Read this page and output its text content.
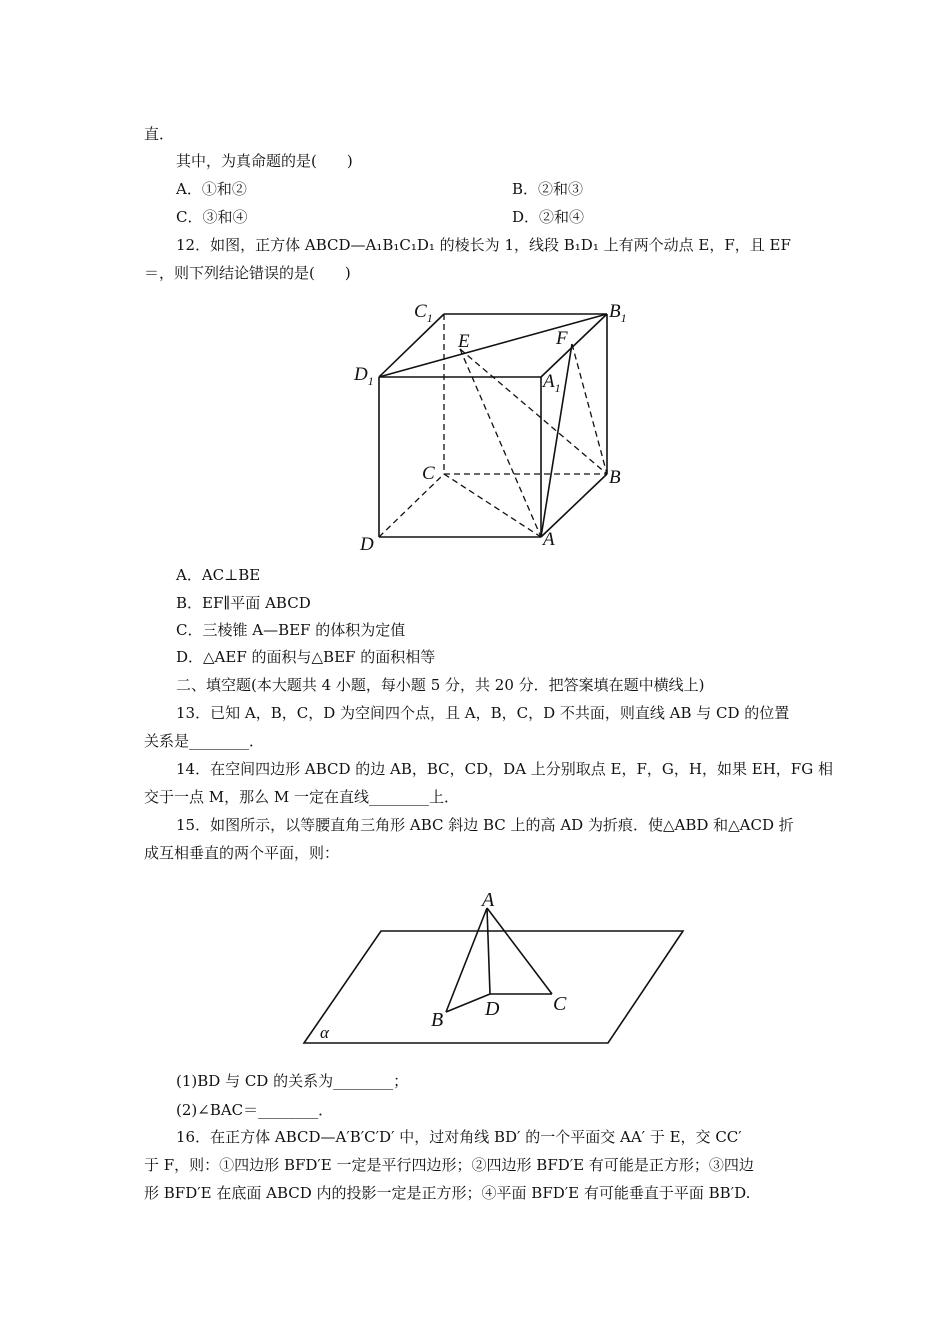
直．
其中，为真命题的是(　　)
A．①和②	B．②和③
C．③和④	D．②和④
12．如图，正方体 ABCD—A₁B₁C₁D₁ 的棱长为 1，线段 B₁D₁ 上有两个动点 E，F，且 EF
＝，则下列结论错误的是(　　)
$C_1$	$B_1$
E	F
$D_1$	$A_1$
C	B
D	A
A．AC⊥BE
B．EF∥平面 ABCD
C．三棱锥 A—BEF 的体积为定值
D．△AEF 的面积与△BEF 的面积相等
二、填空题(本大题共 4 小题，每小题 5 分，共 20 分．把答案填在题中横线上)
13．已知 A，B，C，D 为空间四个点，且 A，B，C，D 不共面，则直线 AB 与 CD 的位置
关系是________．
14．在空间四边形 ABCD 的边 AB，BC，CD，DA 上分别取点 E，F，G，H，如果 EH，FG 相
交于一点 M，那么 M 一定在直线________上．
15．如图所示，以等腰直角三角形 ABC 斜边 BC 上的高 AD 为折痕．使△ABD 和△ACD 折
成互相垂直的两个平面，则：
A
B
C
D
α
(1)BD 与 CD 的关系为________；
(2)∠BAC＝________．
16．在正方体 ABCD—A′B′C′D′ 中，过对角线 BD′ 的一个平面交 AA′ 于 E，交 CC′
于 F，则：①四边形 BFD′E 一定是平行四边形；②四边形 BFD′E 有可能是正方形；③四边
形 BFD′E 在底面 ABCD 内的投影一定是正方形；④平面 BFD′E 有可能垂直于平面 BB′D.
